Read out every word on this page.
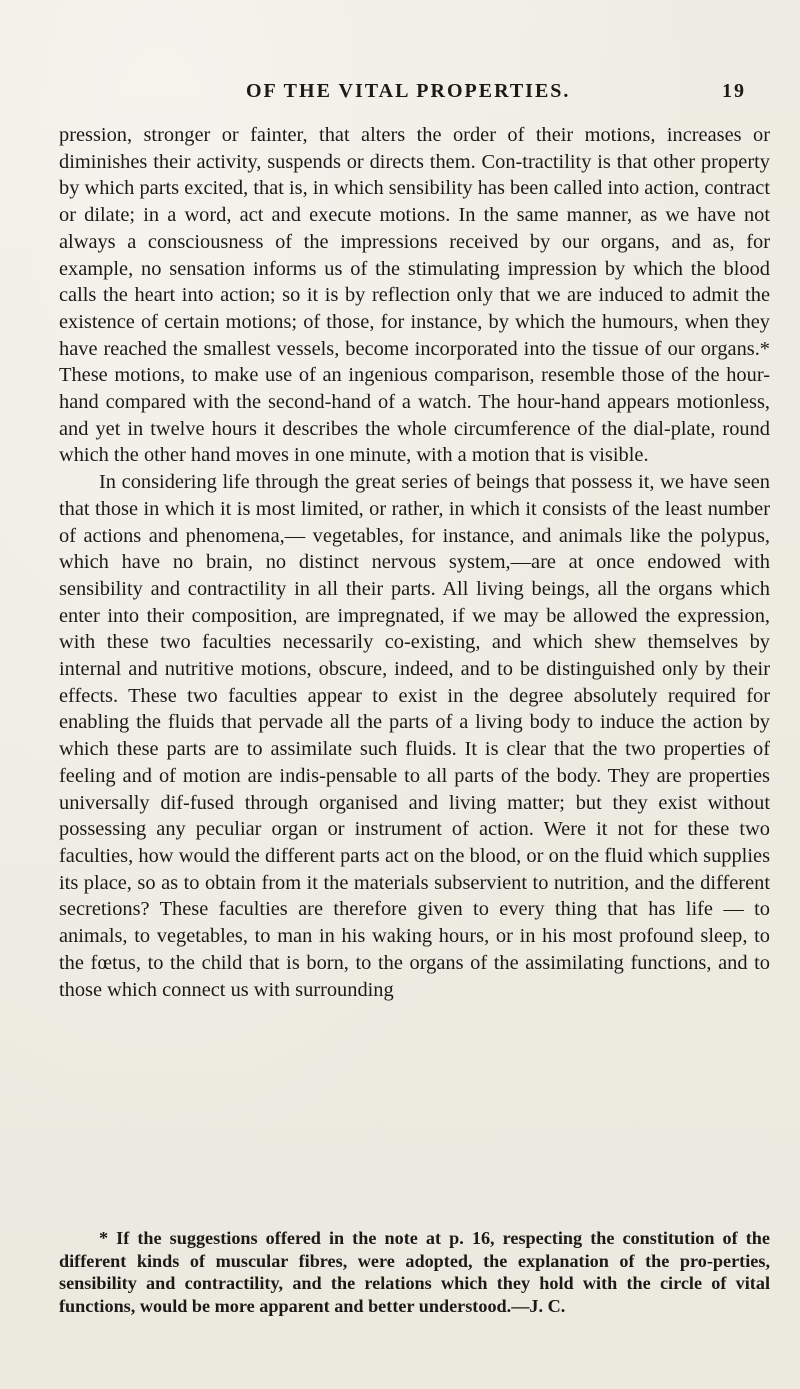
OF THE VITAL PROPERTIES.	19

pression, stronger or fainter, that alters the order of their motions, increases or diminishes their activity, suspends or directs them. Con-tractility is that other property by which parts excited, that is, in which sensibility has been called into action, contract or dilate; in a word, act and execute motions. In the same manner, as we have not always a consciousness of the impressions received by our organs, and as, for example, no sensation informs us of the stimulating impression by which the blood calls the heart into action; so it is by reflection only that we are induced to admit the existence of certain motions; of those, for instance, by which the humours, when they have reached the smallest vessels, become incorporated into the tissue of our organs.* These motions, to make use of an ingenious comparison, resemble those of the hour-hand compared with the second-hand of a watch. The hour-hand appears motionless, and yet in twelve hours it describes the whole circumference of the dial-plate, round which the other hand moves in one minute, with a motion that is visible.

In considering life through the great series of beings that possess it, we have seen that those in which it is most limited, or rather, in which it consists of the least number of actions and phenomena,— vegetables, for instance, and animals like the polypus, which have no brain, no distinct nervous system,—are at once endowed with sensibility and contractility in all their parts. All living beings, all the organs which enter into their composition, are impregnated, if we may be allowed the expression, with these two faculties necessarily co-existing, and which shew themselves by internal and nutritive motions, obscure, indeed, and to be distinguished only by their effects. These two faculties appear to exist in the degree absolutely required for enabling the fluids that pervade all the parts of a living body to induce the action by which these parts are to assimilate such fluids. It is clear that the two properties of feeling and of motion are indis-pensable to all parts of the body. They are properties universally dif-fused through organised and living matter; but they exist without possessing any peculiar organ or instrument of action. Were it not for these two faculties, how would the different parts act on the blood, or on the fluid which supplies its place, so as to obtain from it the materials subservient to nutrition, and the different secretions? These faculties are therefore given to every thing that has life — to animals, to vegetables, to man in his waking hours, or in his most profound sleep, to the fœtus, to the child that is born, to the organs of the assimilating functions, and to those which connect us with surrounding

* If the suggestions offered in the note at p. 16, respecting the constitution of the different kinds of muscular fibres, were adopted, the explanation of the pro-perties, sensibility and contractility, and the relations which they hold with the circle of vital functions, would be more apparent and better understood.—J. C.
